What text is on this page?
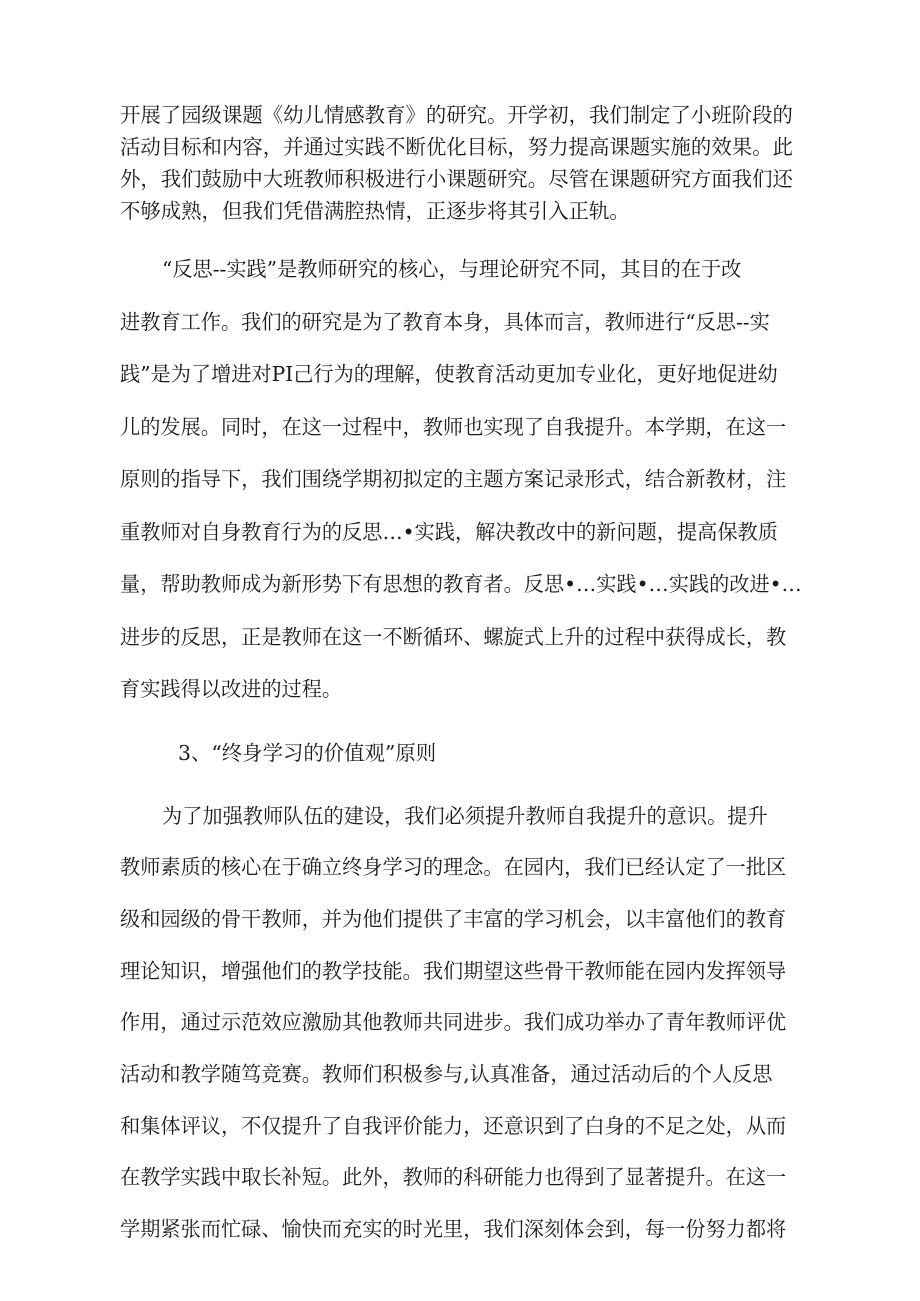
开展了园级课题《幼儿情感教育》的研究。开学初，我们制定了小班阶段的
活动目标和内容，并通过实践不断优化目标，努力提高课题实施的效果。此
外，我们鼓励中大班教师积极进行小课题研究。尽管在课题研究方面我们还
不够成熟，但我们凭借满腔热情，正逐步将其引入正轨。
“反思--实践”是教师研究的核心，与理论研究不同，其目的在于改
进教育工作。我们的研究是为了教育本身，具体而言，教师进行“反思--实
践”是为了增进对PI己行为的理解，使教育活动更加专业化，更好地促进幼
儿的发展。同时，在这一过程中，教师也实现了自我提升。本学期，在这一
原则的指导下，我们围绕学期初拟定的主题方案记录形式，结合新教材，注
重教师对自身教育行为的反思…•实践，解决教改中的新问题，提高保教质
量，帮助教师成为新形势下有思想的教育者。反思•…实践•…实践的改进•…
进步的反思，正是教师在这一不断循环、螺旋式上升的过程中获得成长，教
育实践得以改进的过程。
3、“终身学习的价值观”原则
为了加强教师队伍的建设，我们必须提升教师自我提升的意识。提升
教师素质的核心在于确立终身学习的理念。在园内，我们已经认定了一批区
级和园级的骨干教师，并为他们提供了丰富的学习机会，以丰富他们的教育
理论知识，增强他们的教学技能。我们期望这些骨干教师能在园内发挥领导
作用，通过示范效应激励其他教师共同进步。我们成功举办了青年教师评优
活动和教学随笃竞赛。教师们积极参与,认真准备，通过活动后的个人反思
和集体评议，不仅提升了自我评价能力，还意识到了白身的不足之处，从而
在教学实践中取长补短。此外，教师的科研能力也得到了显著提升。在这一
学期紧张而忙碌、愉快而充实的时光里，我们深刻体会到，每一份努力都将
